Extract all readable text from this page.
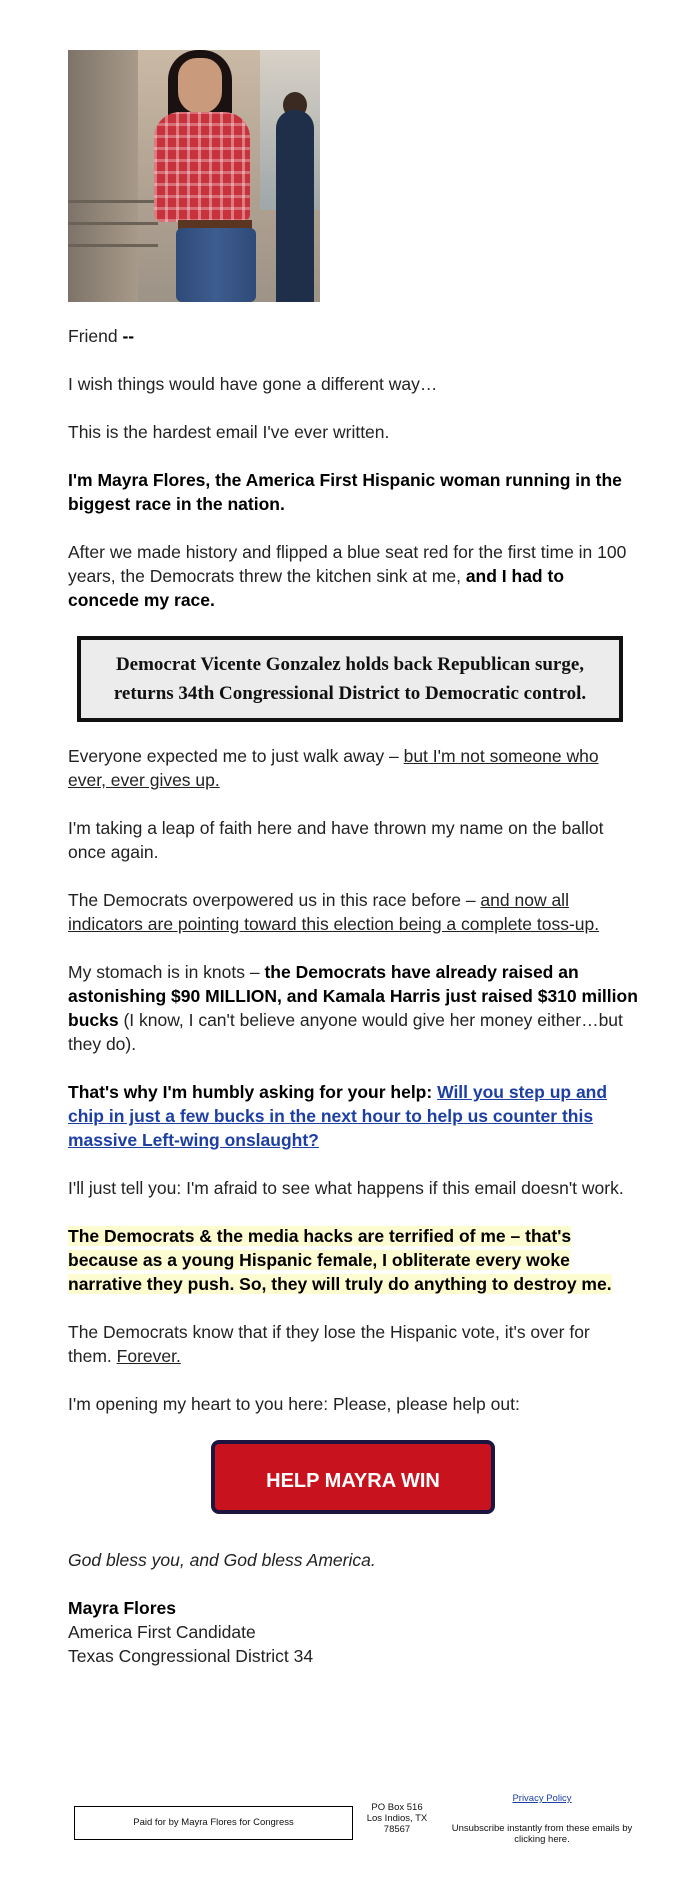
Friend --

I wish things would have gone a different way…

This is the hardest email I've ever written.

I'm Mayra Flores, the America First Hispanic woman running in the biggest race in the nation.

After we made history and flipped a blue seat red for the first time in 100 years, the Democrats threw the kitchen sink at me, and I had to concede my race.

Democrat Vicente Gonzalez holds back Republican surge, returns 34th Congressional District to Democratic control.

Everyone expected me to just walk away – but I'm not someone who ever, ever gives up.

I'm taking a leap of faith here and have thrown my name on the ballot once again.

The Democrats overpowered us in this race before – and now all indicators are pointing toward this election being a complete toss-up.

My stomach is in knots – the Democrats have already raised an astonishing $90 MILLION, and Kamala Harris just raised $310 million bucks (I know, I can't believe anyone would give her money either…but they do).

That's why I'm humbly asking for your help: Will you step up and chip in just a few bucks in the next hour to help us counter this massive Left-wing onslaught?

I'll just tell you: I'm afraid to see what happens if this email doesn't work.

The Democrats & the media hacks are terrified of me – that's because as a young Hispanic female, I obliterate every woke narrative they push. So, they will truly do anything to destroy me.

The Democrats know that if they lose the Hispanic vote, it's over for them. Forever.

I'm opening my heart to you here: Please, please help out:

HELP MAYRA WIN

God bless you, and God bless America.

Mayra Flores
America First Candidate
Texas Congressional District 34
Paid for by Mayra Flores for Congress
PO Box 516
Los Indios, TX
78567
Privacy Policy
Unsubscribe instantly from these emails by clicking here.
